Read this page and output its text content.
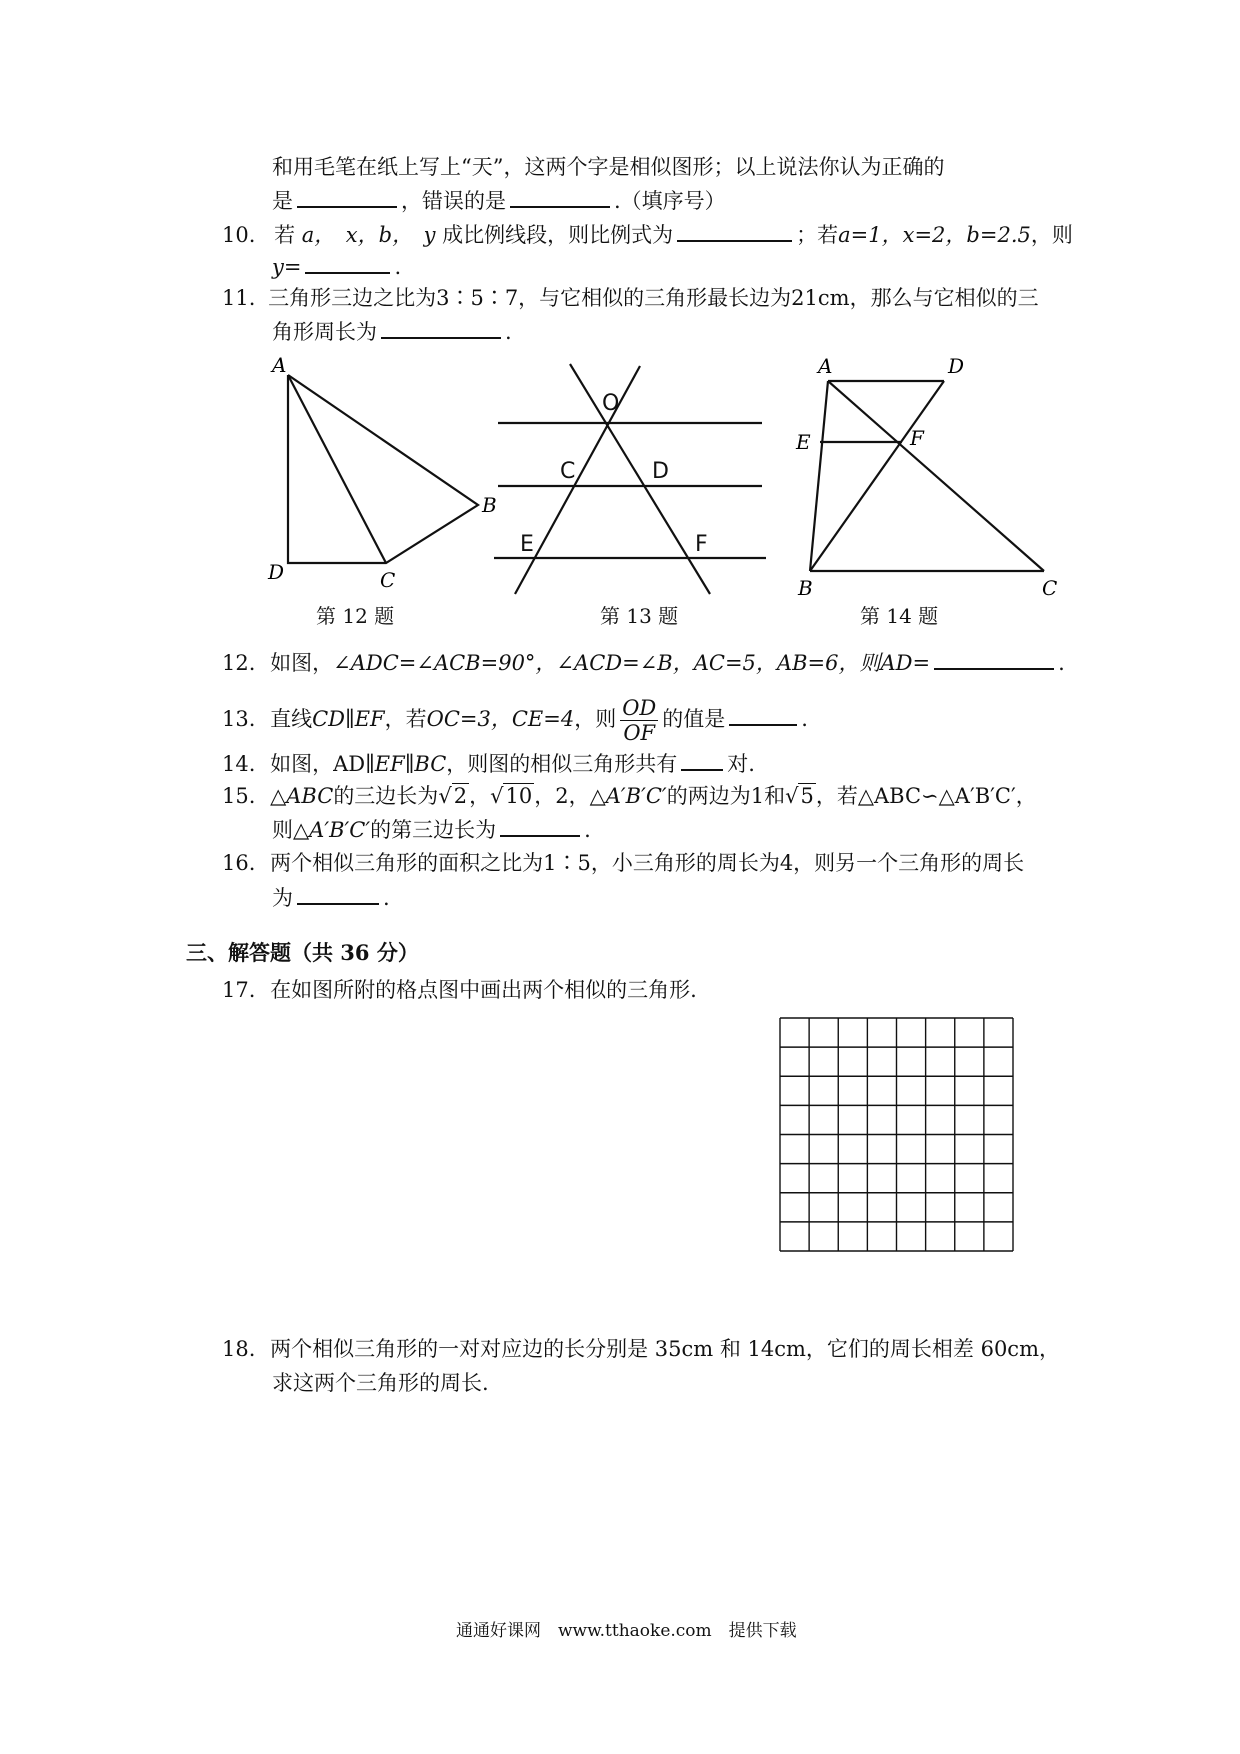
和用毛笔在纸上写上“天”，这两个字是相似图形；以上说法你认为正确的
是	，错误的是	.（填序号）
10. 若 a，　x，b，　y 成比例线段，则比例式为	；若a=1，x=2，b=2.5，则
y=	.
11. 三角形三边之比为3∶5∶7，与它相似的三角形最长边为21cm，那么与它相似的三
角形周长为	.
A
B
C
D
第 12 题
O
C	D
E	F
第 13 题
A	D
E	F
B	C
第 14 题
12. 如图，∠ADC=∠ACB=90°，∠ACD=∠B，AC=5，AB=6，则AD=	.
13. 直线CD∥EF，若OC=3，CE=4，则 $\frac{OD}{OF}$ 的值是	.
14. 如图，AD∥EF∥BC，则图的相似三角形共有 对.
15. △ABC的三边长为√2，√10，2，△A′B′C′的两边为1和√5，若△ABC∽△A′B′C′，
则△A′B′C′的第三边长为	.
16. 两个相似三角形的面积之比为1∶5，小三角形的周长为4，则另一个三角形的周长
为	.
三、解答题（共 36 分）
17. 在如图所附的格点图中画出两个相似的三角形.
18. 两个相似三角形的一对对应边的长分别是 35cm 和 14cm，它们的周长相差 60cm，
求这两个三角形的周长.
通通好课网　www.tthaoke.com　提供下载
